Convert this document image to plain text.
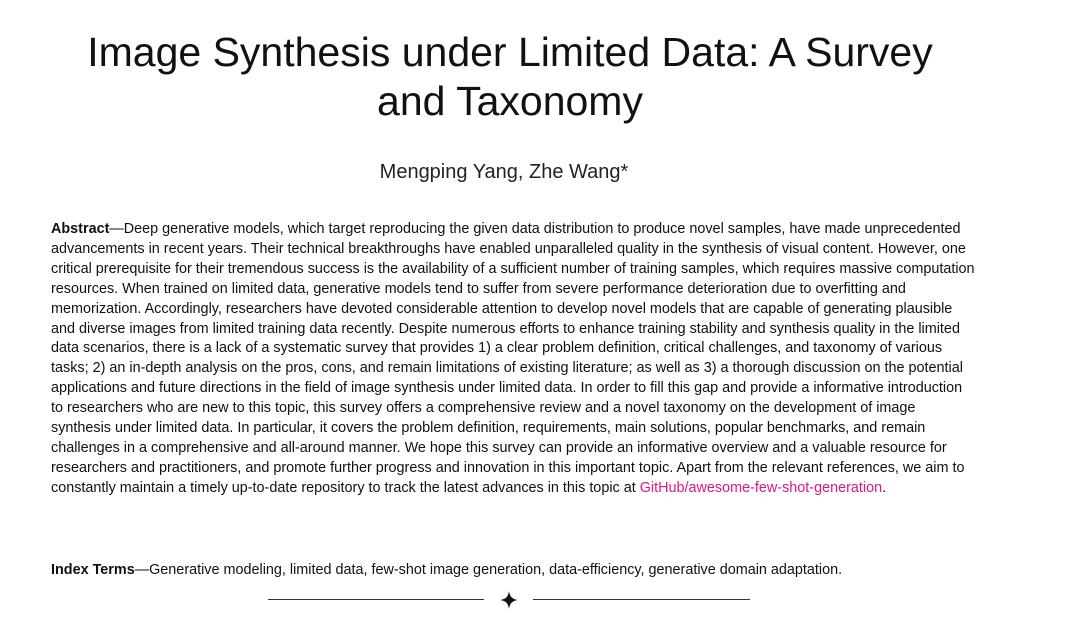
Image Synthesis under Limited Data: A Survey
and Taxonomy
Mengping Yang, Zhe Wang*

Abstract—Deep generative models, which target reproducing the given data distribution to produce novel samples, have made unprecedented advancements in recent years. Their technical breakthroughs have enabled unparalleled quality in the synthesis of visual content. However, one critical prerequisite for their tremendous success is the availability of a sufficient number of training samples, which requires massive computation resources. When trained on limited data, generative models tend to suffer from severe performance deterioration due to overfitting and memorization. Accordingly, researchers have devoted considerable attention to develop novel models that are capable of generating plausible and diverse images from limited training data recently. Despite numerous efforts to enhance training stability and synthesis quality in the limited data scenarios, there is a lack of a systematic survey that provides 1) a clear problem definition, critical challenges, and taxonomy of various tasks; 2) an in-depth analysis on the pros, cons, and remain limitations of existing literature; as well as 3) a thorough discussion on the potential applications and future directions in the field of image synthesis under limited data. In order to fill this gap and provide a informative introduction to researchers who are new to this topic, this survey offers a comprehensive review and a novel taxonomy on the development of image synthesis under limited data. In particular, it covers the problem definition, requirements, main solutions, popular benchmarks, and remain challenges in a comprehensive and all-around manner. We hope this survey can provide an informative overview and a valuable resource for researchers and practitioners, and promote further progress and innovation in this important topic. Apart from the relevant references, we aim to constantly maintain a timely up-to-date repository to track the latest advances in this topic at GitHub/awesome-few-shot-generation.

Index Terms—Generative modeling, limited data, few-shot image generation, data-efficiency, generative domain adaptation.
